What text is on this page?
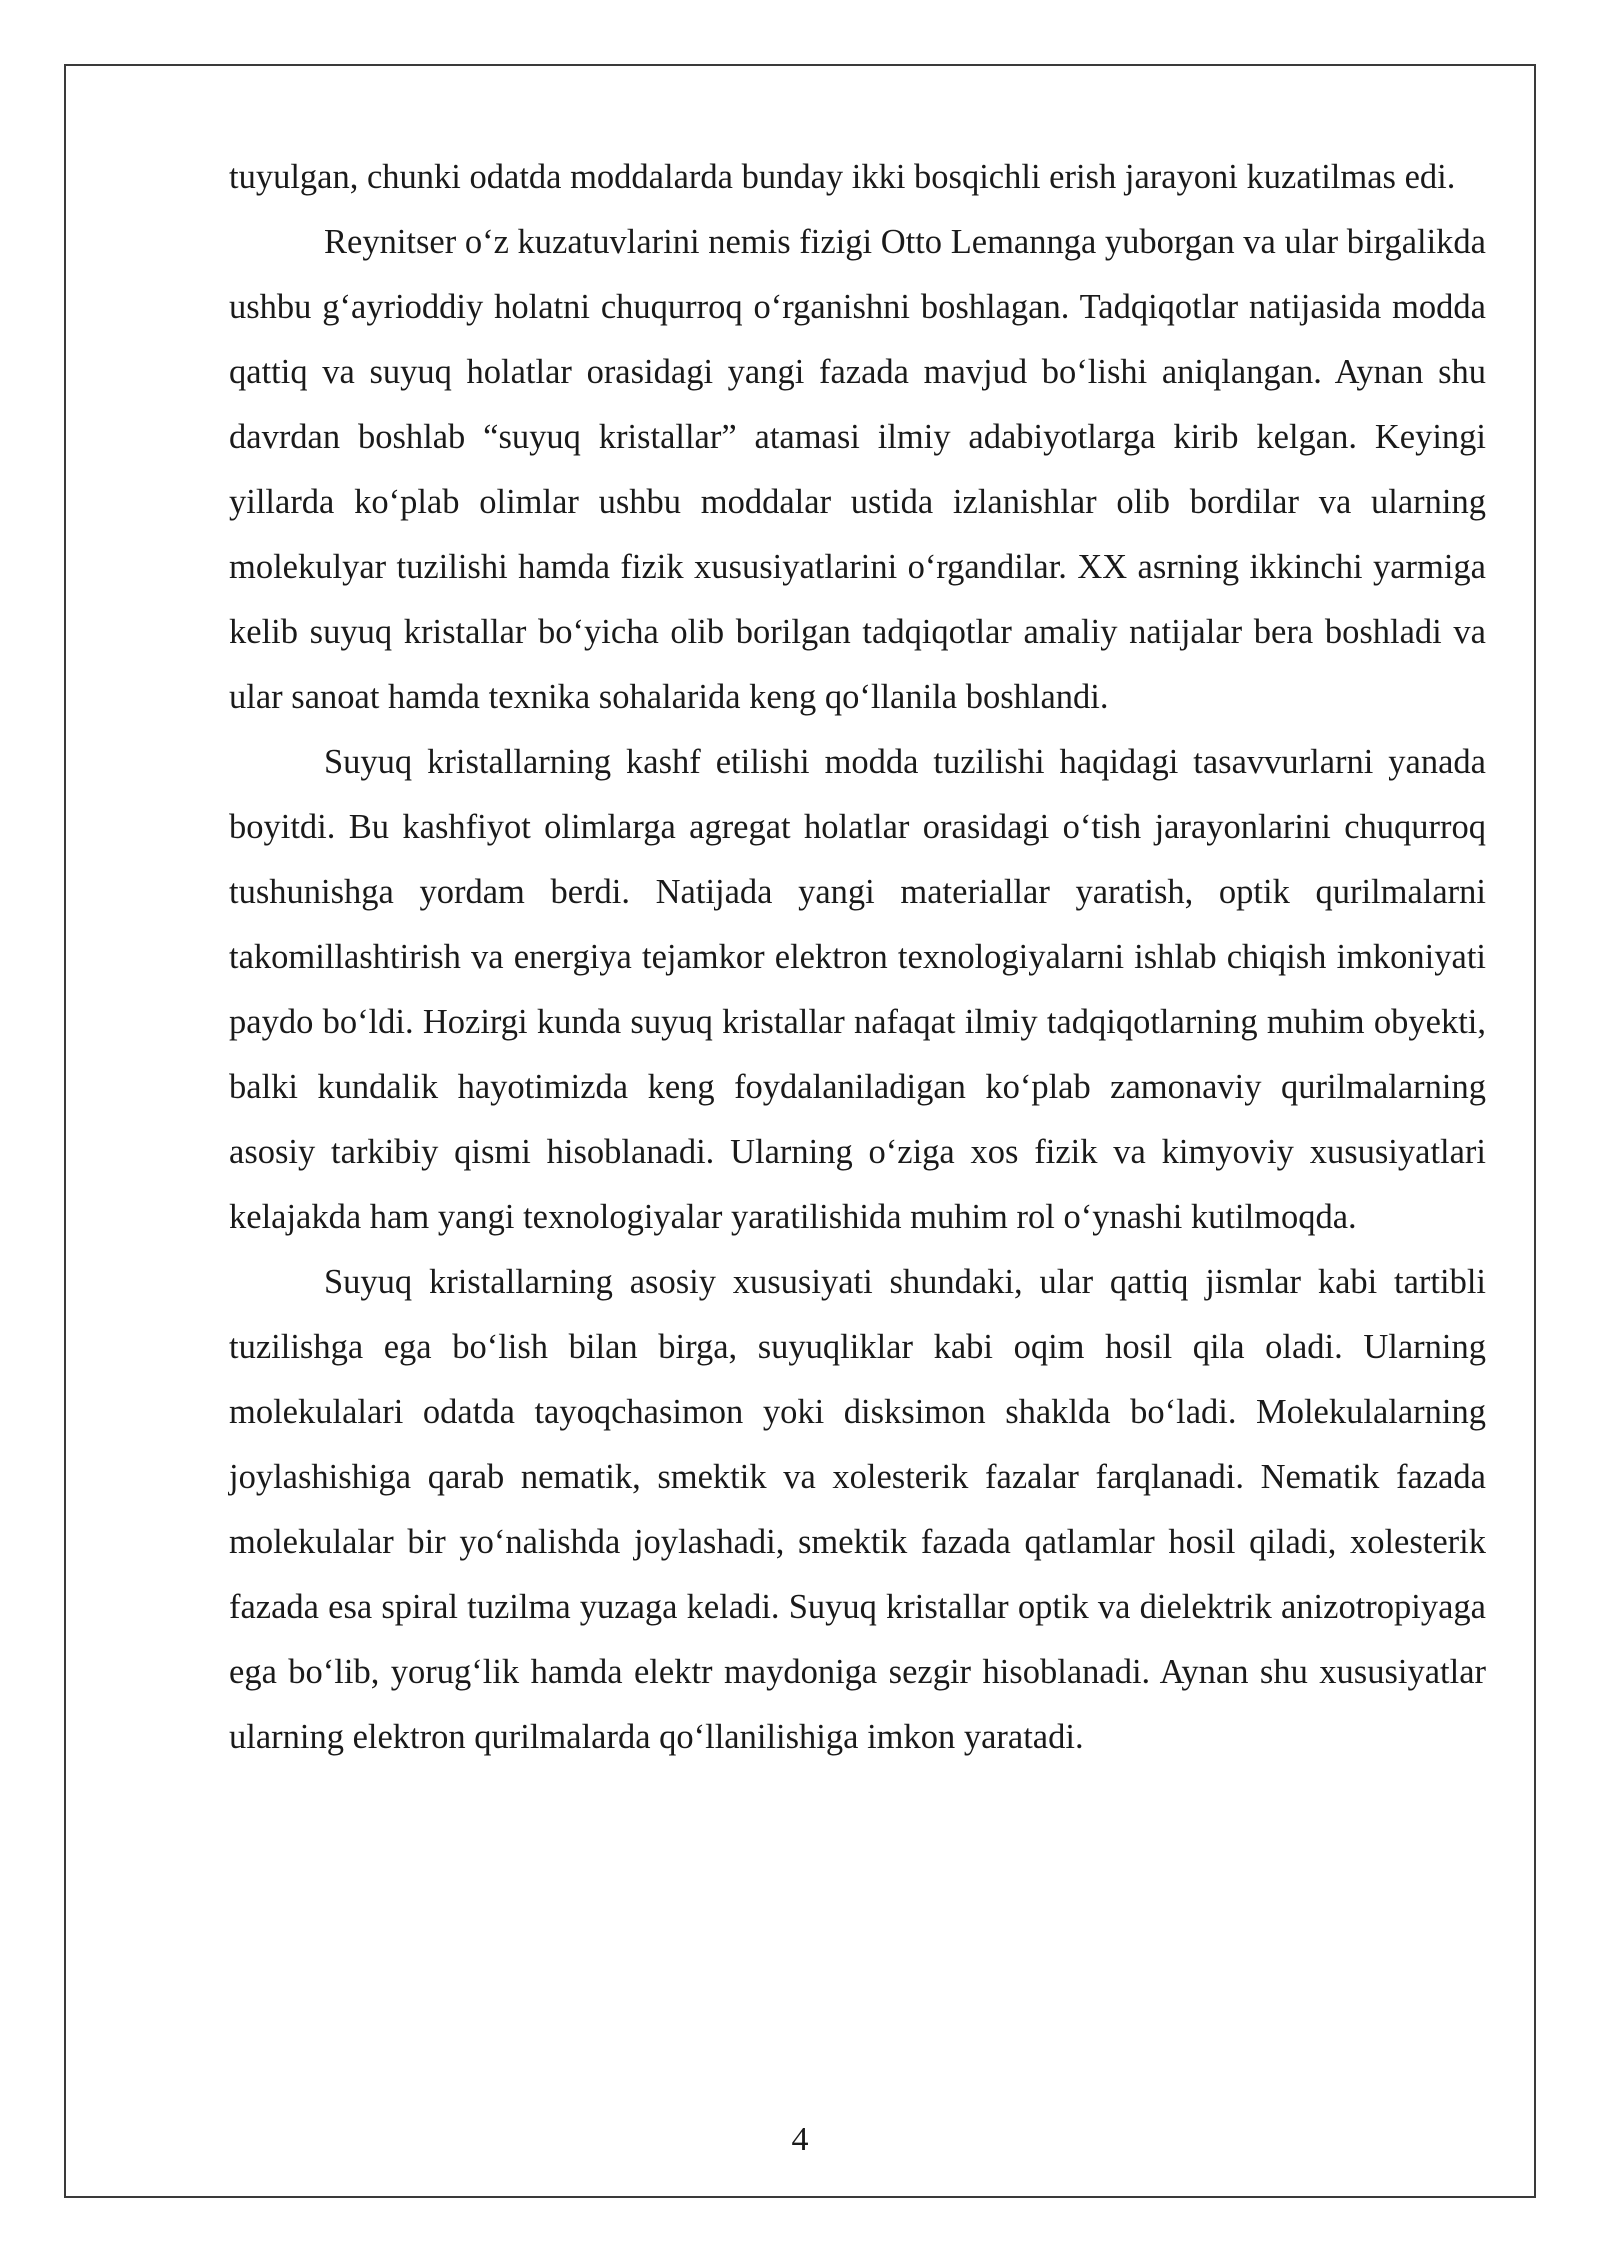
tuyulgan, chunki odatda moddalarda bunday ikki bosqichli erish jarayoni kuzatilmas edi.

Reynitser o‘z kuzatuvlarini nemis fizigi Otto Lemannga yuborgan va ular birgalikda ushbu g‘ayrioddiy holatni chuqurroq o‘rganishni boshlagan. Tadqiqotlar natijasida modda qattiq va suyuq holatlar orasidagi yangi fazada mavjud bo‘lishi aniqlangan. Aynan shu davrdan boshlab “suyuq kristallar” atamasi ilmiy adabiyotlarga kirib kelgan. Keyingi yillarda ko‘plab olimlar ushbu moddalar ustida izlanishlar olib bordilar va ularning molekulyar tuzilishi hamda fizik xususiyatlarini o‘rgandilar. XX asrning ikkinchi yarmiga kelib suyuq kristallar bo‘yicha olib borilgan tadqiqotlar amaliy natijalar bera boshladi va ular sanoat hamda texnika sohalarida keng qo‘llanila boshlandi.

Suyuq kristallarning kashf etilishi modda tuzilishi haqidagi tasavvurlarni yanada boyitdi. Bu kashfiyot olimlarga agregat holatlar orasidagi o‘tish jarayonlarini chuqurroq tushunishga yordam berdi. Natijada yangi materiallar yaratish, optik qurilmalarni takomillashtirish va energiya tejamkor elektron texnologiyalarni ishlab chiqish imkoniyati paydo bo‘ldi. Hozirgi kunda suyuq kristallar nafaqat ilmiy tadqiqotlarning muhim obyekti, balki kundalik hayotimizda keng foydalaniladigan ko‘plab zamonaviy qurilmalarning asosiy tarkibiy qismi hisoblanadi. Ularning o‘ziga xos fizik va kimyoviy xususiyatlari kelajakda ham yangi texnologiyalar yaratilishida muhim rol o‘ynashi kutilmoqda.

Suyuq kristallarning asosiy xususiyati shundaki, ular qattiq jismlar kabi tartibli tuzilishga ega bo‘lish bilan birga, suyuqliklar kabi oqim hosil qila oladi. Ularning molekulalari odatda tayoqchasimon yoki disksimon shaklda bo‘ladi. Molekulalarning joylashishiga qarab nematik, smektik va xolesterik fazalar farqlanadi. Nematik fazada molekulalar bir yo‘nalishda joylashadi, smektik fazada qatlamlar hosil qiladi, xolesterik fazada esa spiral tuzilma yuzaga keladi. Suyuq kristallar optik va dielektrik anizotropiyaga ega bo‘lib, yorug‘lik hamda elektr maydoniga sezgir hisoblanadi. Aynan shu xususiyatlar ularning elektron qurilmalarda qo‘llanilishiga imkon yaratadi.

4
